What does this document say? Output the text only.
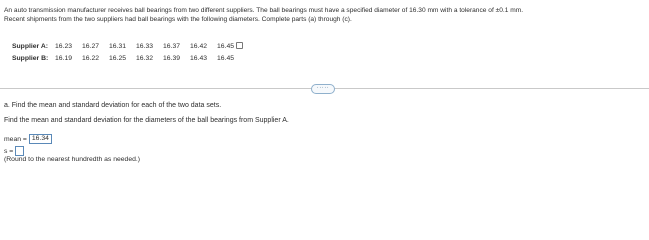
An auto transmission manufacturer receives ball bearings from two different suppliers. The ball bearings must have a specified diameter of 16.30 mm with a tolerance of ±0.1 mm.

Recent shipments from the two suppliers had ball bearings with the following diameters. Complete parts (a) through (c).

Supplier A:	16.23	16.27	16.31	16.33	16.37	16.42	16.45
Supplier B: 16.19	16.22	16.25	16.32	16.39	16.43	16.45
·····
a. Find the mean and standard deviation for each of the two data sets.
Find the mean and standard deviation for the diameters of the ball bearings from Supplier A.
mean = 16.34
s =
(Round to the nearest hundredth as needed.)
